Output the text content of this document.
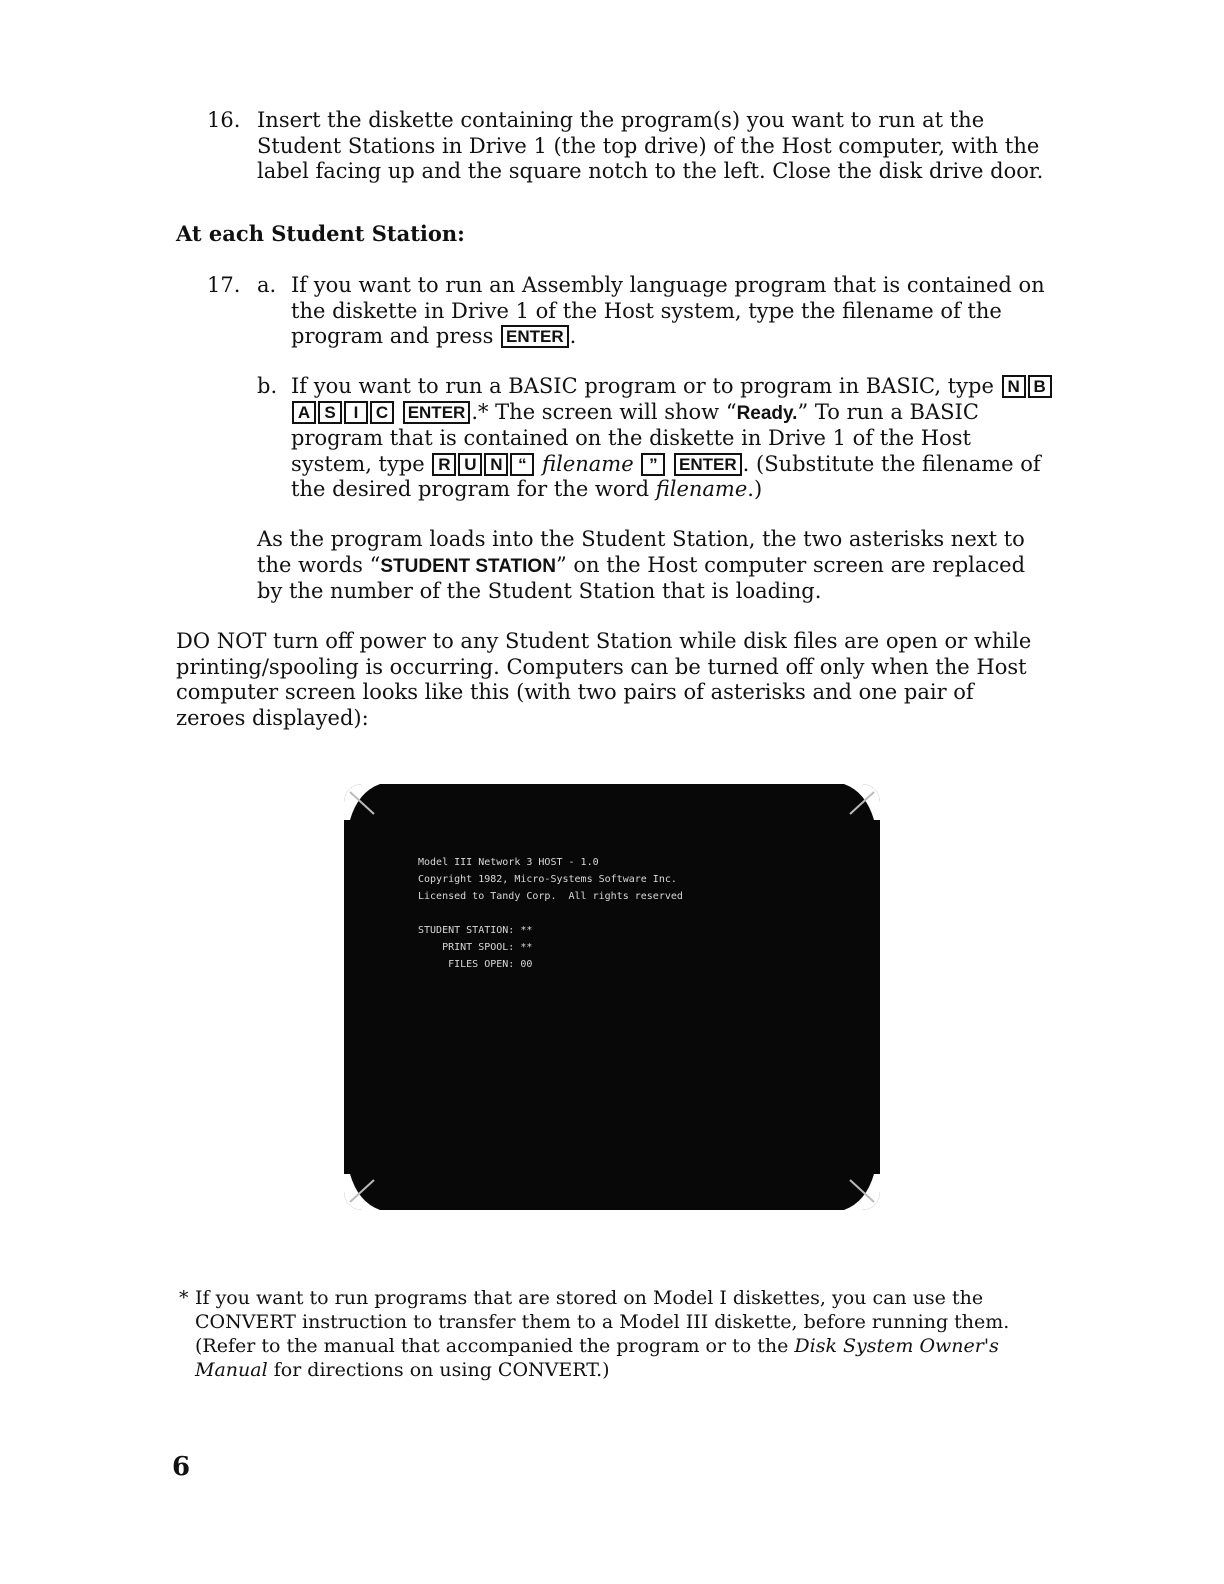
16. Insert the diskette containing the program(s) you want to run at the Student Stations in Drive 1 (the top drive) of the Host computer, with the label facing up and the square notch to the left. Close the disk drive door.
At each Student Station:
17. a. If you want to run an Assembly language program that is contained on the diskette in Drive 1 of the Host system, type the filename of the program and press ENTER .
b. If you want to run a BASIC program or to program in BASIC, type N BA S I C ENTER .* The screen will show “Ready.” To run a BASIC program that is contained on the diskette in Drive 1 of the Host system, type R U N “ filename ” ENTER . (Substitute the filename of the desired program for the word filename.)
As the program loads into the Student Station, the two asterisks next to the words “STUDENT STATION” on the Host computer screen are replaced by the number of the Student Station that is loading.
DO NOT turn off power to any Student Station while disk files are open or while printing/spooling is occurring. Computers can be turned off only when the Host computer screen looks like this (with two pairs of asterisks and one pair of zeroes displayed):
Model III Network 3 HOST - 1.0
Copyright 1982, Micro-Systems Software Inc.
Licensed to Tandy Corp.  All rights reserved
STUDENT STATION: **
PRINT SPOOL: **
FILES OPEN: 00
* If you want to run programs that are stored on Model I diskettes, you can use the CONVERT instruction to transfer them to a Model III diskette, before running them. (Refer to the manual that accompanied the program or to the Disk System Owner's Manual for directions on using CONVERT.)
6
